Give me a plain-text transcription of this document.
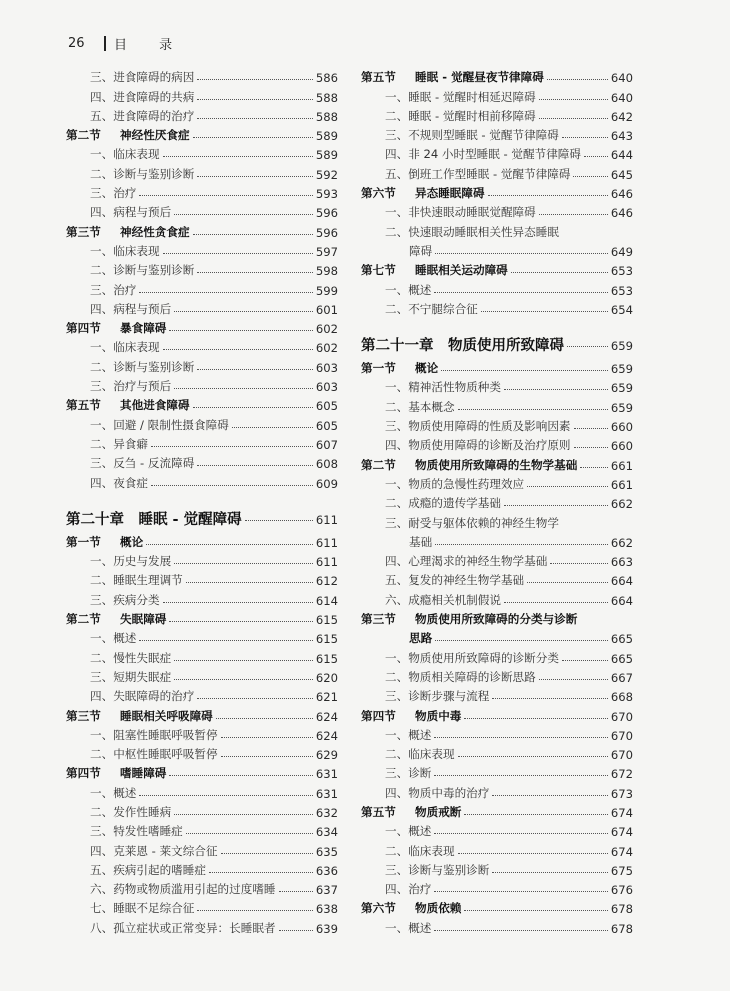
26	目 录
三、进食障碍的病因	586
四、进食障碍的共病	588
五、进食障碍的治疗	588
第二节 神经性厌食症	589
一、临床表现	589
二、诊断与鉴别诊断	592
三、治疗	593
四、病程与预后	596
第三节 神经性贪食症	596
一、临床表现	597
二、诊断与鉴别诊断	598
三、治疗	599
四、病程与预后	601
第四节 暴食障碍	602
一、临床表现	602
二、诊断与鉴别诊断	603
三、治疗与预后	603
第五节 其他进食障碍	605
一、回避 / 限制性摄食障碍	605
二、异食癖	607
三、反刍 - 反流障碍	608
四、夜食症	609
第二十章　睡眠 - 觉醒障碍	611
第一节 概论	611
一、历史与发展	611
二、睡眠生理调节	612
三、疾病分类	614
第二节 失眠障碍	615
一、概述	615
二、慢性失眠症	615
三、短期失眠症	620
四、失眠障碍的治疗	621
第三节 睡眠相关呼吸障碍	624
一、阻塞性睡眠呼吸暂停	624
二、中枢性睡眠呼吸暂停	629
第四节 嗜睡障碍	631
一、概述	631
二、发作性睡病	632
三、特发性嗜睡症	634
四、克莱恩 - 莱文综合征	635
五、疾病引起的嗜睡症	636
六、药物或物质滥用引起的过度嗜睡	637
七、睡眠不足综合征	638
八、孤立症状或正常变异：长睡眠者	639
第五节 睡眠 - 觉醒昼夜节律障碍	640
一、睡眠 - 觉醒时相延迟障碍	640
二、睡眠 - 觉醒时相前移障碍	642
三、不规则型睡眠 - 觉醒节律障碍	643
四、非 24 小时型睡眠 - 觉醒节律障碍	644
五、倒班工作型睡眠 - 觉醒节律障碍	645
第六节 异态睡眠障碍	646
一、非快速眼动睡眠觉醒障碍	646
二、快速眼动睡眠相关性异态睡眠
障碍	649
第七节 睡眠相关运动障碍	653
一、概述	653
二、不宁腿综合征	654
第二十一章　物质使用所致障碍	659
第一节 概论	659
一、精神活性物质种类	659
二、基本概念	659
三、物质使用障碍的性质及影响因素	660
四、物质使用障碍的诊断及治疗原则	660
第二节 物质使用所致障碍的生物学基础	661
一、物质的急慢性药理效应	661
二、成瘾的遗传学基础	662
三、耐受与躯体依赖的神经生物学
基础	662
四、心理渴求的神经生物学基础	663
五、复发的神经生物学基础	664
六、成瘾相关机制假说	664
第三节 物质使用所致障碍的分类与诊断
思路	665
一、物质使用所致障碍的诊断分类	665
二、物质相关障碍的诊断思路	667
三、诊断步骤与流程	668
第四节 物质中毒	670
一、概述	670
二、临床表现	670
三、诊断	672
四、物质中毒的治疗	673
第五节 物质戒断	674
一、概述	674
二、临床表现	674
三、诊断与鉴别诊断	675
四、治疗	676
第六节 物质依赖	678
一、概述	678
